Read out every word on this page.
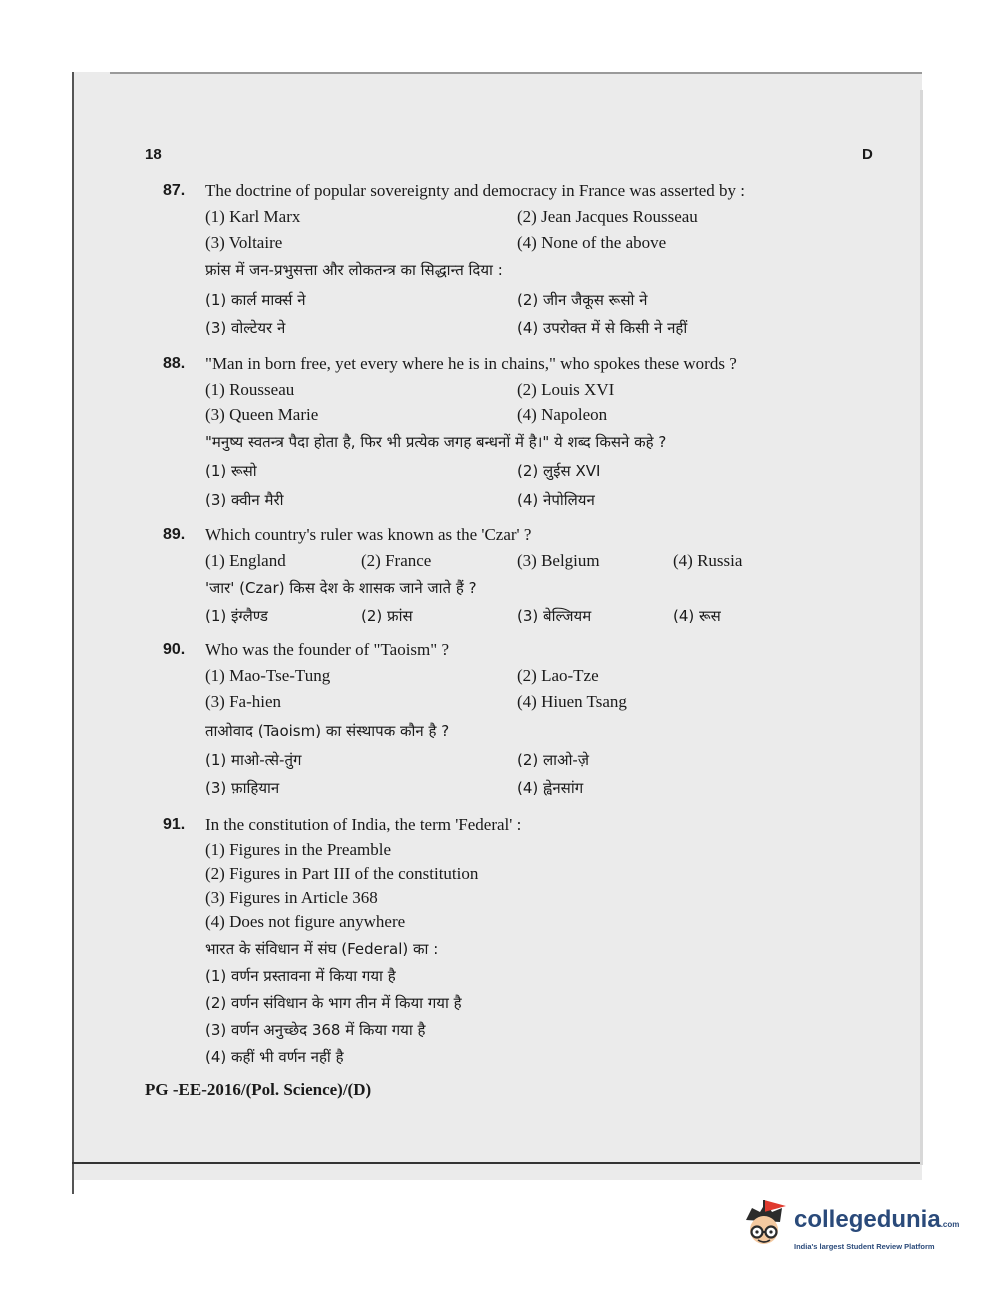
18	D
87. The doctrine of popular sovereignty and democracy in France was asserted by :
(1) Karl Marx	(2) Jean Jacques Rousseau
(3) Voltaire	(4) None of the above
फ्रांस में जन-प्रभुसत्ता और लोकतन्त्र का सिद्धान्त दिया :
(1) कार्ल मार्क्स ने	(2) जीन जैकूस रूसो ने
(3) वोल्टेयर ने	(4) उपरोक्त में से किसी ने नहीं
88. "Man in born free, yet every where he is in chains," who spokes these words ?
(1) Rousseau	(2) Louis XVI
(3) Queen Marie	(4) Napoleon
"मनुष्य स्वतन्त्र पैदा होता है, फिर भी प्रत्येक जगह बन्धनों में है।" ये शब्द किसने कहे ?
(1) रूसो	(2) लुईस XVI
(3) क्वीन मैरी	(4) नेपोलियन
89. Which country's ruler was known as the 'Czar' ?
(1) England	(2) France	(3) Belgium	(4) Russia
'जार' (Czar) किस देश के शासक जाने जाते हैं ?
(1) इंग्लैण्ड	(2) फ्रांस	(3) बेल्जियम	(4) रूस
90. Who was the founder of "Taoism" ?
(1) Mao-Tse-Tung	(2) Lao-Tze
(3) Fa-hien	(4) Hiuen Tsang
ताओवाद (Taoism) का संस्थापक कौन है ?
(1) माओ-त्से-तुंग	(2) लाओ-ज़े
(3) फ़ाहियान	(4) ह्वेनसांग
91. In the constitution of India, the term 'Federal' :
(1) Figures in the Preamble
(2) Figures in Part III of the constitution
(3) Figures in Article 368
(4) Does not figure anywhere
भारत के संविधान में संघ (Federal) का :
(1) वर्णन प्रस्तावना में किया गया है
(2) वर्णन संविधान के भाग तीन में किया गया है
(3) वर्णन अनुच्छेद 368 में किया गया है
(4) कहीं भी वर्णन नहीं है
PG -EE-2016/(Pol. Science)/(D)
collegedunia.com
India's largest Student Review Platform
